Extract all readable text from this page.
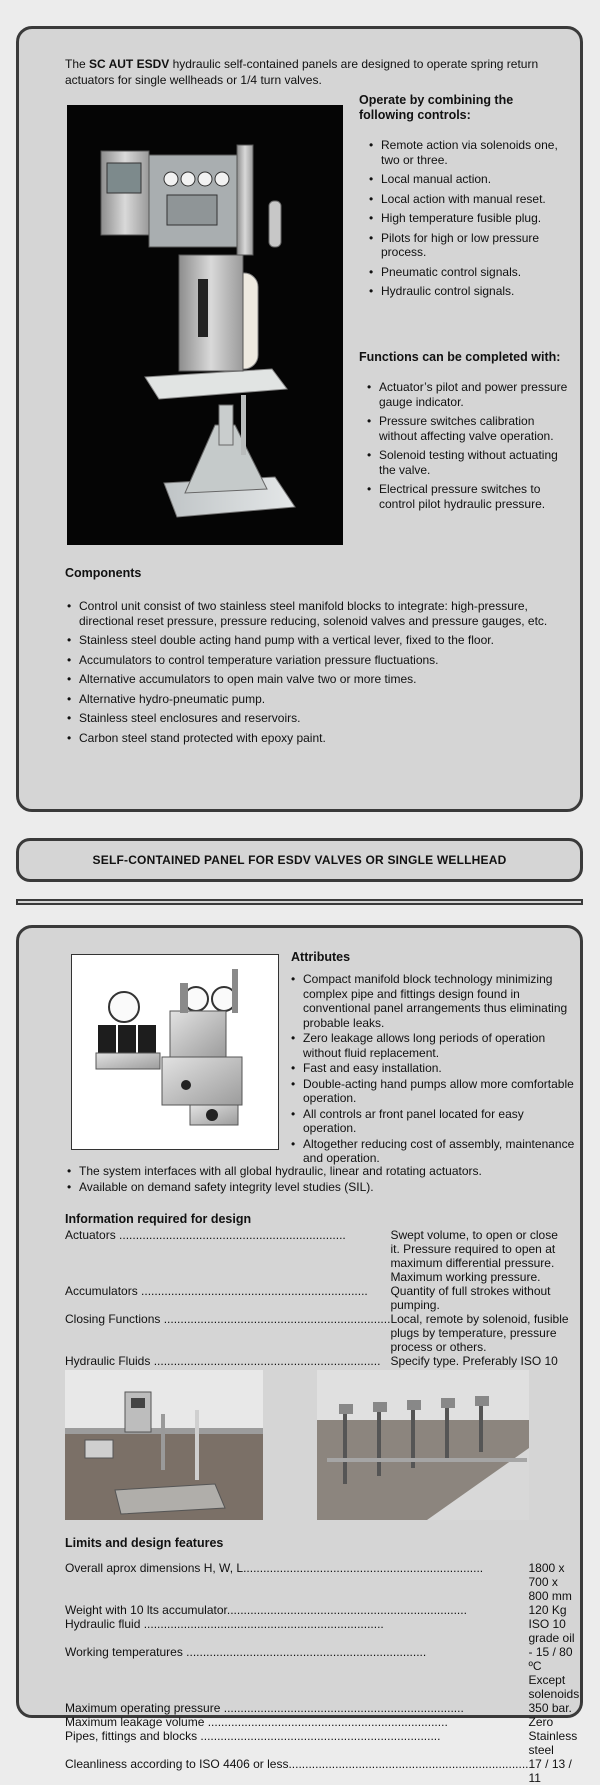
The SC AUT ESDV hydraulic self-contained panels are designed to operate spring return actuators for single wellheads or 1/4 turn valves.
Operate by combining the following controls:
• Remote action via solenoids one, two or three.
• Local manual action.
• Local action with manual reset.
• High temperature fusible plug.
• Pilots for high or low pressure process.
• Pneumatic control signals.
• Hydraulic control signals.
Functions can be completed with:
• Actuator’s pilot and power pressure gauge indicator.
• Pressure switches calibration without affecting valve operation.
• Solenoid testing without actuating the valve.
• Electrical pressure switches to control pilot hydraulic pressure.
Components
• Control unit consist of two stainless steel manifold blocks to integrate: high-pressure, directional reset pressure, pressure reducing, solenoid valves and pressure gauges, etc.
• Stainless steel double acting hand pump with a vertical lever, fixed to the floor.
• Accumulators to control temperature variation pressure fluctuations.
• Alternative accumulators to open main valve two or more times.
• Alternative hydro-pneumatic pump.
• Stainless steel enclosures and reservoirs.
• Carbon steel stand protected with epoxy paint.
SELF-CONTAINED PANEL FOR ESDV VALVES OR SINGLE WELLHEAD
Attributes
• Compact manifold block technology minimizing complex pipe and fittings design found in conventional panel arrangements thus eliminating probable leaks.
• Zero leakage allows long periods of operation without fluid replacement.
• Fast and easy installation.
• Double-acting hand pumps allow more comfortable operation.
• All controls ar front panel located for easy operation.
• Altogether reducing cost of assembly, maintenance and operation.
• The system interfaces with all global hydraulic, linear and rotating actuators.
• Available on demand safety integrity level studies (SIL).
Information required for design
Actuators ....................................................................	Swept volume, to open or close it. Pressure required to open at maximum differential pressure. Maximum working pressure.

Accumulators ....................................................................	Quantity of full strokes without pumping.

Closing Functions ....................................................................	Local, remote by solenoid, fusible plugs by temperature, pressure process or others.

Hydraulic Fluids ....................................................................	Specify type. Preferably ISO 10
Limits and design features
Overall aprox dimensions H, W, L........................................................................	1800 x 700 x 800 mm

Weight with 10 lts accumulator........................................................................	120 Kg

Hydraulic fluid ........................................................................	ISO 10 grade oil

Working temperatures ........................................................................	- 15 / 80 ºC Except solenoids

Maximum operating pressure ........................................................................	350 bar.

Maximum leakage volume ........................................................................	Zero

Pipes, fittings and blocks ........................................................................	Stainless steel

Cleanliness according to ISO 4406 or less........................................................................	17 / 13 / 11
